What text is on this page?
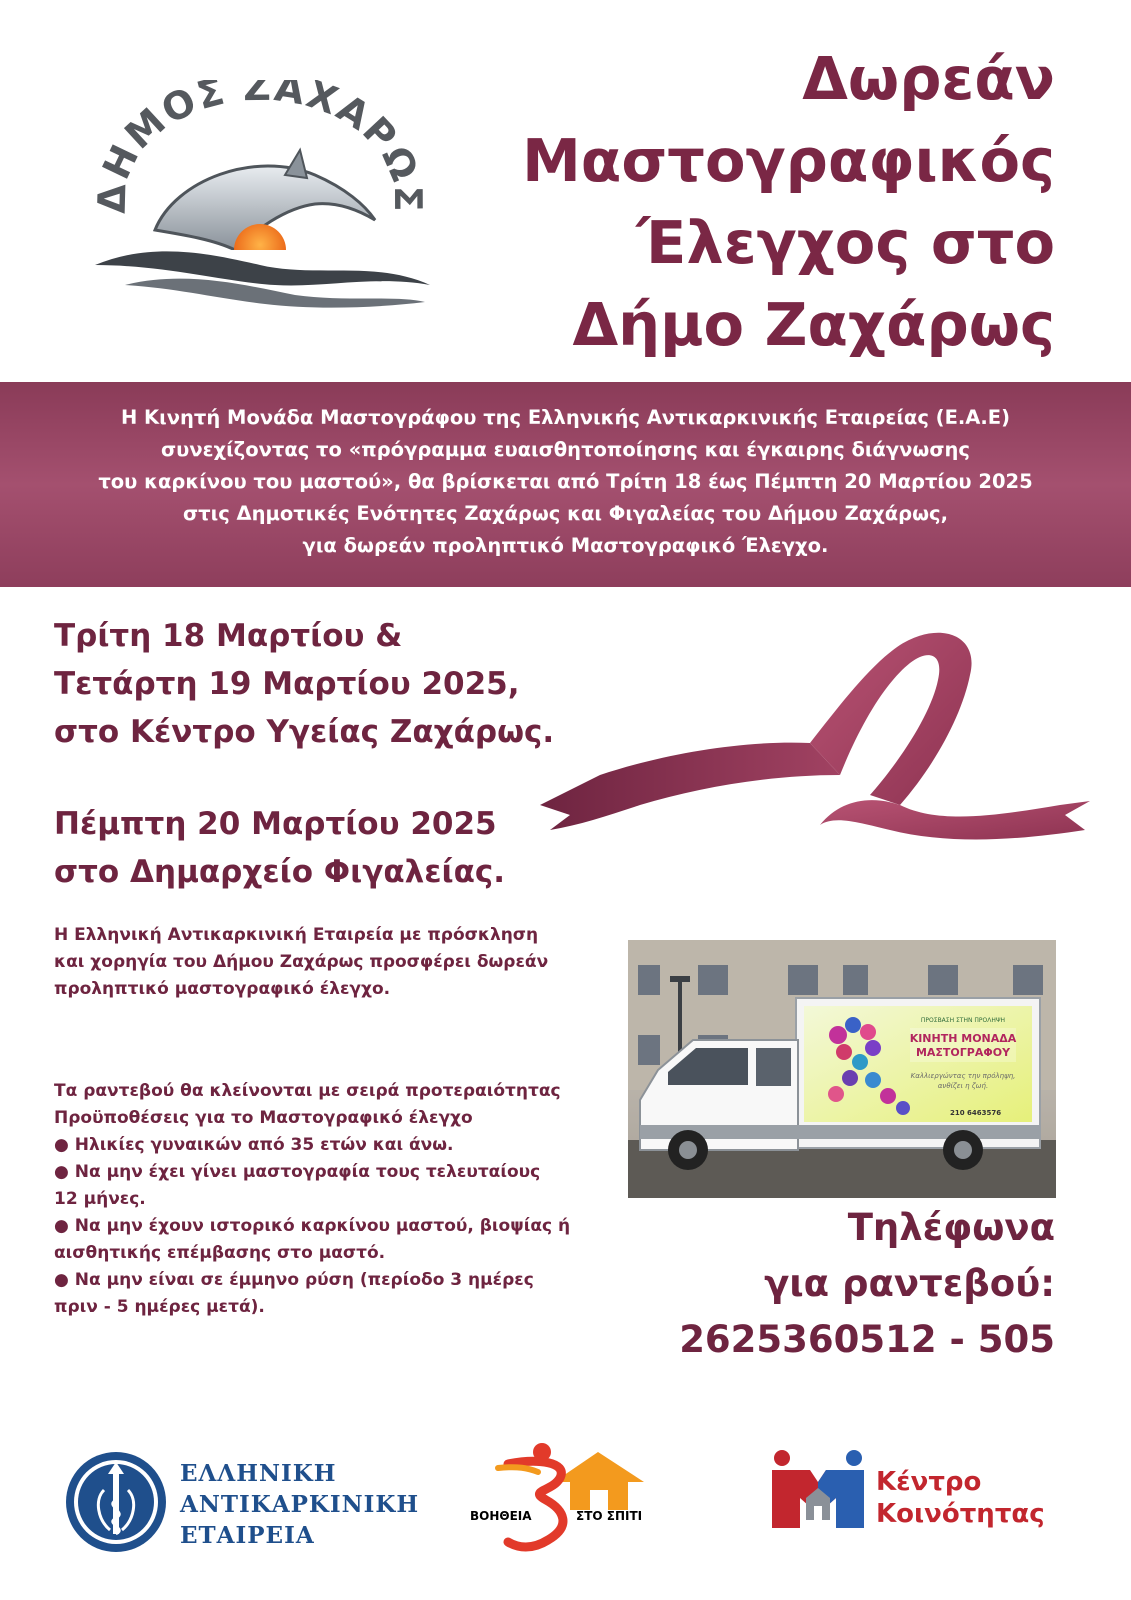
ΔΗΜΟΣ ΖΑΧΑΡΩΣ
Δωρεάν
Μαστογραφικός
Έλεγχος στο
Δήμο Ζαχάρως
Η Κινητή Μονάδα Μαστογράφου της Ελληνικής Αντικαρκινικής Εταιρείας (Ε.Α.Ε)
συνεχίζοντας το «πρόγραμμα ευαισθητοποίησης και έγκαιρης διάγνωσης
του καρκίνου του μαστού», θα βρίσκεται από Τρίτη 18 έως Πέμπτη 20 Μαρτίου 2025
στις Δημοτικές Ενότητες Ζαχάρως και Φιγαλείας του Δήμου Ζαχάρως,
για δωρεάν προληπτικό Μαστογραφικό Έλεγχο.
Τρίτη 18 Μαρτίου &
Τετάρτη 19 Μαρτίου 2025,
στο Κέντρο Υγείας Ζαχάρως.
Πέμπτη 20 Μαρτίου 2025
στο Δημαρχείο Φιγαλείας.
Η Ελληνική Αντικαρκινική Εταιρεία με πρόσκληση
και χορηγία του Δήμου Ζαχάρως προσφέρει δωρεάν
προληπτικό μαστογραφικό έλεγχο.
Τα ραντεβού θα κλείνονται με σειρά προτεραιότητας
Προϋποθέσεις για το Μαστογραφικό έλεγχο
● Ηλικίες γυναικών από 35 ετών και άνω.
● Να μην έχει γίνει μαστογραφία τους τελευταίους
12 μήνες.
● Να μην έχουν ιστορικό καρκίνου μαστού, βιοψίας ή
αισθητικής επέμβασης στο μαστό.
● Να μην είναι σε έμμηνο ρύση (περίοδο 3 ημέρες
πριν - 5 ημέρες μετά).
ΠΡΟΣΒΑΣΗ ΣΤΗΝ ΠΡΟΛΗΨΗ
ΚΙΝΗΤΗ ΜΟΝΑΔΑ
ΜΑΣΤΟΓΡΑΦΟΥ
Καλλιεργώντας την πρόληψη,
ανθίζει η ζωή.
210 6463576
Τηλέφωνα
για ραντεβού:
2625360512 - 505
ΕΛΛΗΝΙΚΗ
ΑΝΤΙΚΑΡΚΙΝΙΚΗ
ΕΤΑΙΡΕΙΑ
ΒΟΗΘΕΙΑ	ΣΤΟ ΣΠΙΤΙ
Κέντρο
Κοινότητας
